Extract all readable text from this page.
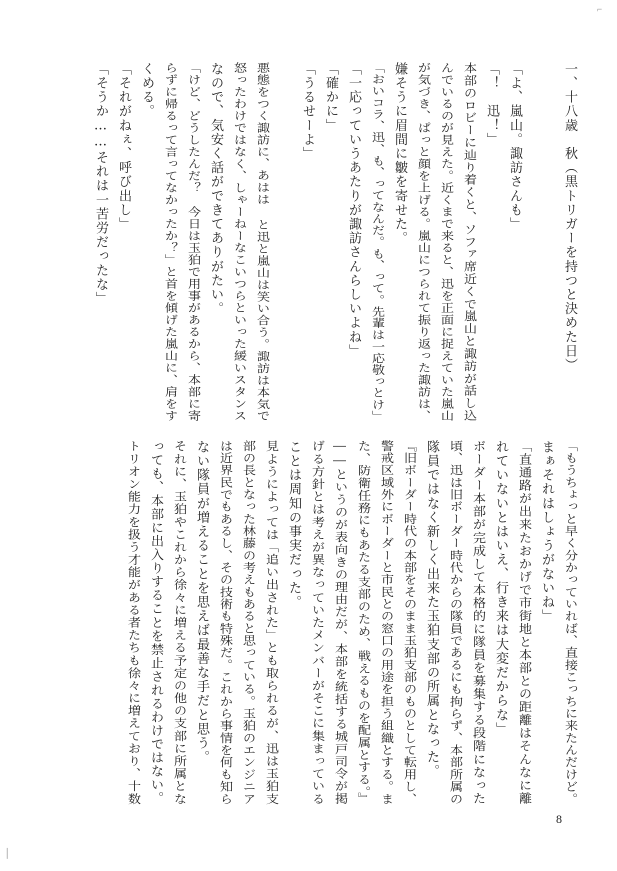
⌐
│
一、十八歳　秋（黒トリガーを持つと決めた日）
「よ、嵐山。諏訪さんも」
「！　迅！」
本部のロビーに辿り着くと、ソファ席近くで嵐山と諏訪が話し込
んでいるのが見えた。近くまで来ると、迅を正面に捉えていた嵐山
が気づき、ぱっと顔を上げる。嵐山につられて振り返った諏訪は、
嫌そうに眉間に皺を寄せた。
「おいコラ、迅、も、ってなんだ。も、って。先輩は一応敬っとけ」
「一応っていうあたりが諏訪さんらしいよね」
「確かに」
「うるせーよ」
悪態をつく諏訪に、あはは と迅と嵐山は笑い合う。諏訪は本気で
怒ったわけではなく、しゃーねーなこいつらといった緩いスタンス
なので、気安く話ができてありがたい。
「けど、どうしたんだ？　今日は玉狛で用事があるから、本部に寄
らずに帰るって言ってなかったか？」と首を傾げた嵐山に、肩をす
くめる。
「それがねぇ、呼び出し」
「そうか……それは一苦労だったな」
「もうちょっと早く分かっていれば、直接こっちに来たんだけど。
まぁそれはしょうがないね」
「直通路が出来たおかげで市街地と本部との距離はそんなに離
れていないとはいえ、行き来は大変だからな」
ボーダー本部が完成して本格的に隊員を募集する段階になった
頃、迅は旧ボーダー時代からの隊員であるにも拘らず、本部所属の
隊員ではなく新しく出来た玉狛支部の所属となった。
『旧ボーダー時代の本部をそのまま玉狛支部のものとして転用し、
警戒区域外にボーダーと市民との窓口の用途を担う組織とする。ま
た、防衛任務にもあたる支部のため、戦えるものを配属とする。』
――というのが表向きの理由だが、本部を統括する城戸司令が掲
げる方針とは考えが異なっていたメンバーがそこに集まっている
ことは周知の事実だった。
見ようによっては「追い出された」とも取られるが、迅は玉狛支
部の長となった林藤の考えもあると思っている。玉狛のエンジニア
は近界民でもあるし、その技術も特殊だ。これから事情を何も知ら
ない隊員が増えることを思えば最善な手だと思う。
それに、玉狛やこれから徐々に増える予定の他の支部に所属とな
っても、本部に出入りすることを禁止されるわけではない。
トリオン能力を扱う才能がある者たちも徐々に増えており、十数
8
